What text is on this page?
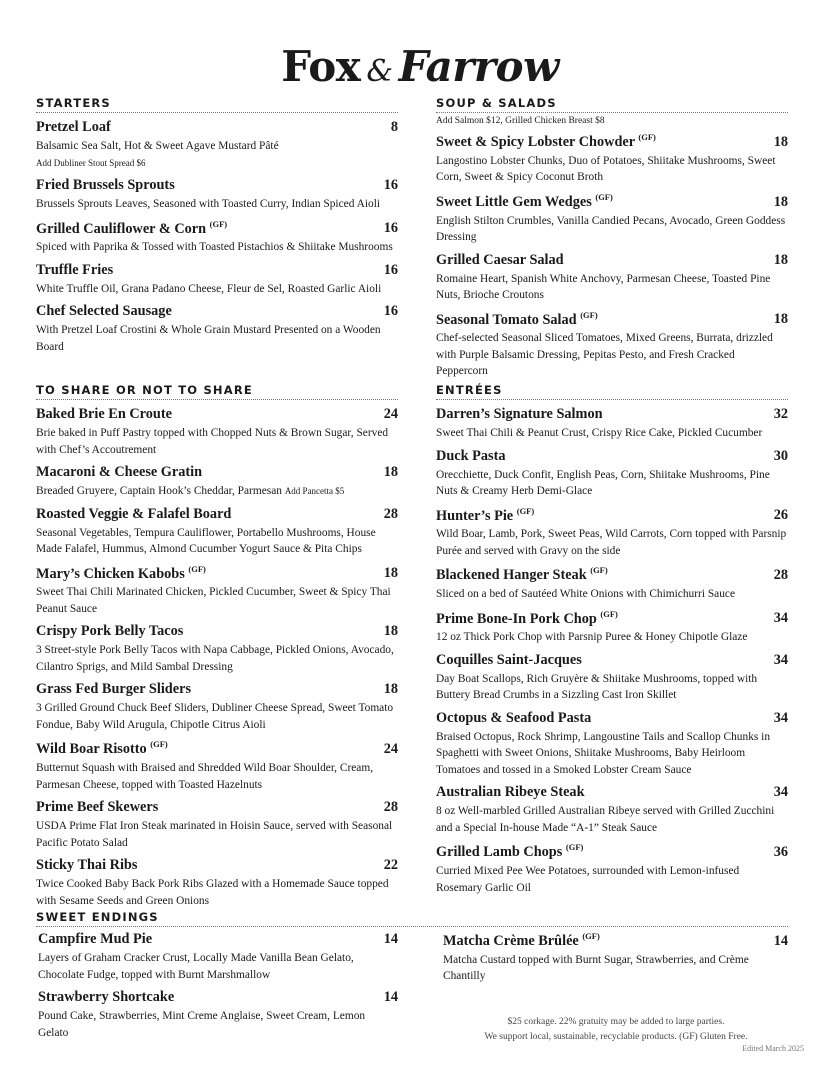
Fox & Farrow
STARTERS
Pretzel Loaf	8
Balsamic Sea Salt, Hot & Sweet Agave Mustard Pâté
Add Dubliner Stout Spread $6
Fried Brussels Sprouts	16
Brussels Sprouts Leaves, Seasoned with Toasted Curry, Indian Spiced Aioli
Grilled Cauliflower & Corn $^{(GF)}$	16
Spiced with Paprika & Tossed with Toasted Pistachios & Shiitake Mushrooms
Truffle Fries	16
White Truffle Oil, Grana Padano Cheese, Fleur de Sel, Roasted Garlic Aioli
Chef Selected Sausage	16
With Pretzel Loaf Crostini & Whole Grain Mustard Presented on a Wooden Board
SOUP & SALADS
Add Salmon $12, Grilled Chicken Breast $8
Sweet & Spicy Lobster Chowder $^{(GF)}$	18
Langostino Lobster Chunks, Duo of Potatoes, Shiitake Mushrooms, Sweet Corn, Sweet & Spicy Coconut Broth
Sweet Little Gem Wedges $^{(GF)}$	18
English Stilton Crumbles, Vanilla Candied Pecans, Avocado, Green Goddess Dressing
Grilled Caesar Salad	18
Romaine Heart, Spanish White Anchovy, Parmesan Cheese, Toasted Pine Nuts, Brioche Croutons
Seasonal Tomato Salad $^{(GF)}$	18
Chef-selected Seasonal Sliced Tomatoes, Mixed Greens, Burrata, drizzled with Purple Balsamic Dressing, Pepitas Pesto, and Fresh Cracked Peppercorn
TO SHARE OR NOT TO SHARE
Baked Brie En Croute	24
Brie baked in Puff Pastry topped with Chopped Nuts & Brown Sugar, Served with Chef’s Accoutrement
Macaroni & Cheese Gratin	18
Breaded Gruyere, Captain Hook’s Cheddar, Parmesan Add Pancetta $5
Roasted Veggie & Falafel Board	28
Seasonal Vegetables, Tempura Cauliflower, Portabello Mushrooms, House Made Falafel, Hummus, Almond Cucumber Yogurt Sauce & Pita Chips
Mary’s Chicken Kabobs $^{(GF)}$	18
Sweet Thai Chili Marinated Chicken, Pickled Cucumber, Sweet & Spicy Thai Peanut Sauce
Crispy Pork Belly Tacos	18
3 Street-style Pork Belly Tacos with Napa Cabbage, Pickled Onions, Avocado, Cilantro Sprigs, and Mild Sambal Dressing
Grass Fed Burger Sliders	18
3 Grilled Ground Chuck Beef Sliders, Dubliner Cheese Spread, Sweet Tomato Fondue, Baby Wild Arugula, Chipotle Citrus Aioli
Wild Boar Risotto $^{(GF)}$	24
Butternut Squash with Braised and Shredded Wild Boar Shoulder, Cream, Parmesan Cheese, topped with Toasted Hazelnuts
Prime Beef Skewers	28
USDA Prime Flat Iron Steak marinated in Hoisin Sauce, served with Seasonal Pacific Potato Salad
Sticky Thai Ribs	22
Twice Cooked Baby Back Pork Ribs Glazed with a Homemade Sauce topped with Sesame Seeds and Green Onions
ENTRÉES
Darren’s Signature Salmon	32
Sweet Thai Chili & Peanut Crust, Crispy Rice Cake, Pickled Cucumber
Duck Pasta	30
Orecchiette, Duck Confit, English Peas, Corn, Shiitake Mushrooms, Pine Nuts & Creamy Herb Demi-Glace
Hunter’s Pie $^{(GF)}$	26
Wild Boar, Lamb, Pork, Sweet Peas, Wild Carrots, Corn topped with Parsnip Purée and served with Gravy on the side
Blackened Hanger Steak $^{(GF)}$	28
Sliced on a bed of Sautéed White Onions with Chimichurri Sauce
Prime Bone-In Pork Chop $^{(GF)}$	34
12 oz Thick Pork Chop with Parsnip Puree & Honey Chipotle Glaze
Coquilles Saint-Jacques	34
Day Boat Scallops, Rich Gruyère & Shiitake Mushrooms, topped with Buttery Bread Crumbs in a Sizzling Cast Iron Skillet
Octopus & Seafood Pasta	34
Braised Octopus, Rock Shrimp, Langoustine Tails and Scallop Chunks in Spaghetti with Sweet Onions, Shiitake Mushrooms, Baby Heirloom Tomatoes and tossed in a Smoked Lobster Cream Sauce
Australian Ribeye Steak	34
8 oz Well-marbled Grilled Australian Ribeye served with Grilled Zucchini and a Special In-house Made “A-1” Steak Sauce
Grilled Lamb Chops $^{(GF)}$	36
Curried Mixed Pee Wee Potatoes, surrounded with Lemon-infused Rosemary Garlic Oil
SWEET ENDINGS
Campfire Mud Pie	14
Layers of Graham Cracker Crust, Locally Made Vanilla Bean Gelato, Chocolate Fudge, topped with Burnt Marshmallow
Strawberry Shortcake	14
Pound Cake, Strawberries, Mint Creme Anglaise, Sweet Cream, Lemon Gelato
Matcha Crème Brûlée $^{(GF)}$	14
Matcha Custard topped with Burnt Sugar, Strawberries, and Crème Chantilly
$25 corkage. 22% gratuity may be added to large parties.
We support local, sustainable, recyclable products. (GF) Gluten Free.
Edited March 2025
